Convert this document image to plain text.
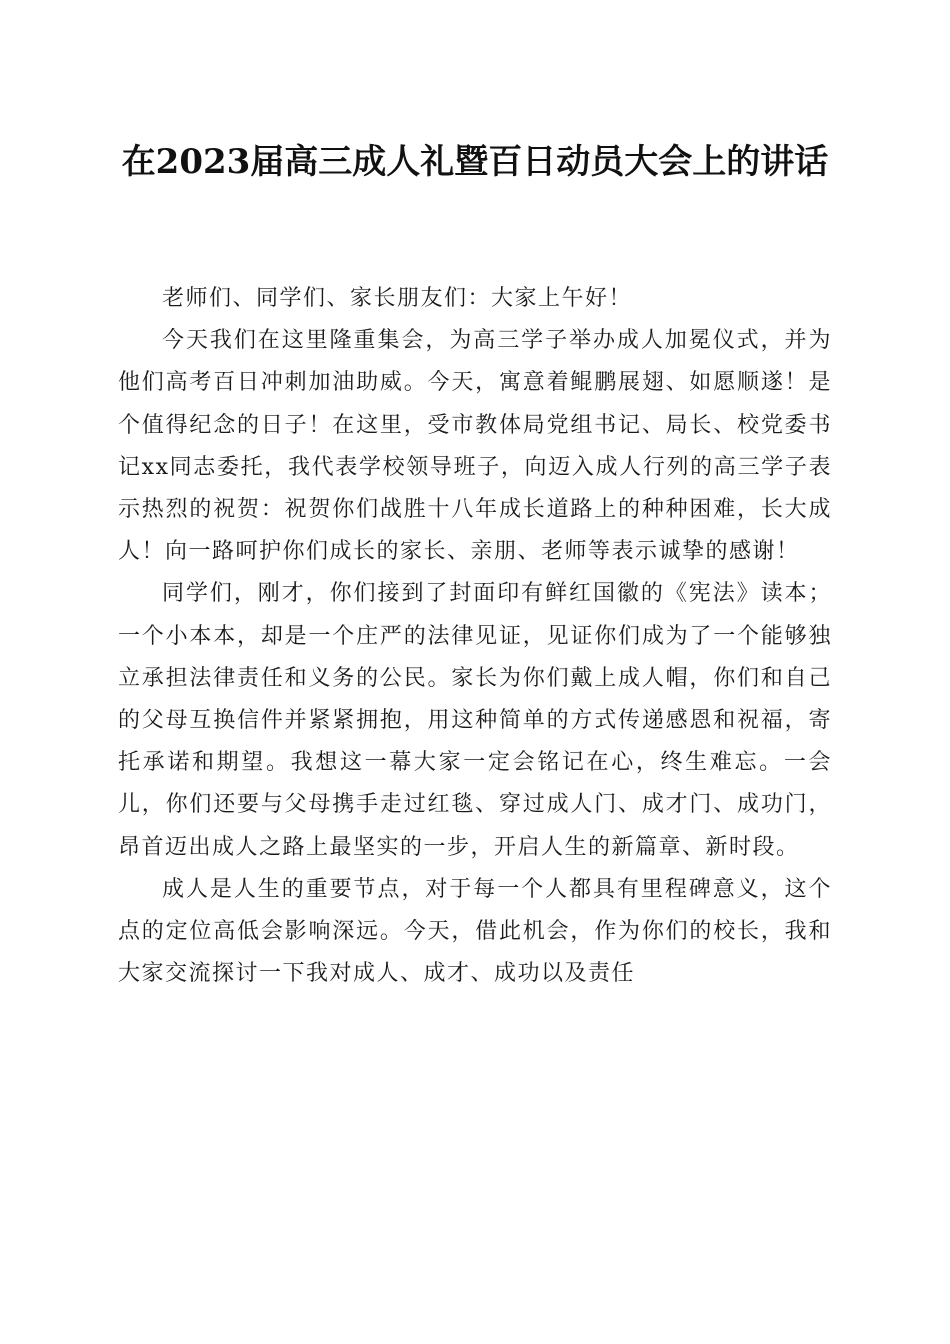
在2023届高三成人礼暨百日动员大会上的讲话

老师们、同学们、家长朋友们：大家上午好！

今天我们在这里隆重集会，为高三学子举办成人加冕仪式，并为他们高考百日冲刺加油助威。今天，寓意着鲲鹏展翅、如愿顺遂！是个值得纪念的日子！在这里，受市教体局党组书记、局长、校党委书记xx同志委托，我代表学校领导班子，向迈入成人行列的高三学子表示热烈的祝贺：祝贺你们战胜十八年成长道路上的种种困难，长大成人！向一路呵护你们成长的家长、亲朋、老师等表示诚挚的感谢！

同学们，刚才，你们接到了封面印有鲜红国徽的《宪法》读本；一个小本本，却是一个庄严的法律见证，见证你们成为了一个能够独立承担法律责任和义务的公民。家长为你们戴上成人帽，你们和自己的父母互换信件并紧紧拥抱，用这种简单的方式传递感恩和祝福，寄托承诺和期望。我想这一幕大家一定会铭记在心，终生难忘。一会儿，你们还要与父母携手走过红毯、穿过成人门、成才门、成功门，昂首迈出成人之路上最坚实的一步，开启人生的新篇章、新时段。

成人是人生的重要节点，对于每一个人都具有里程碑意义，这个点的定位高低会影响深远。今天，借此机会，作为你们的校长，我和大家交流探讨一下我对成人、成才、成功以及责任
